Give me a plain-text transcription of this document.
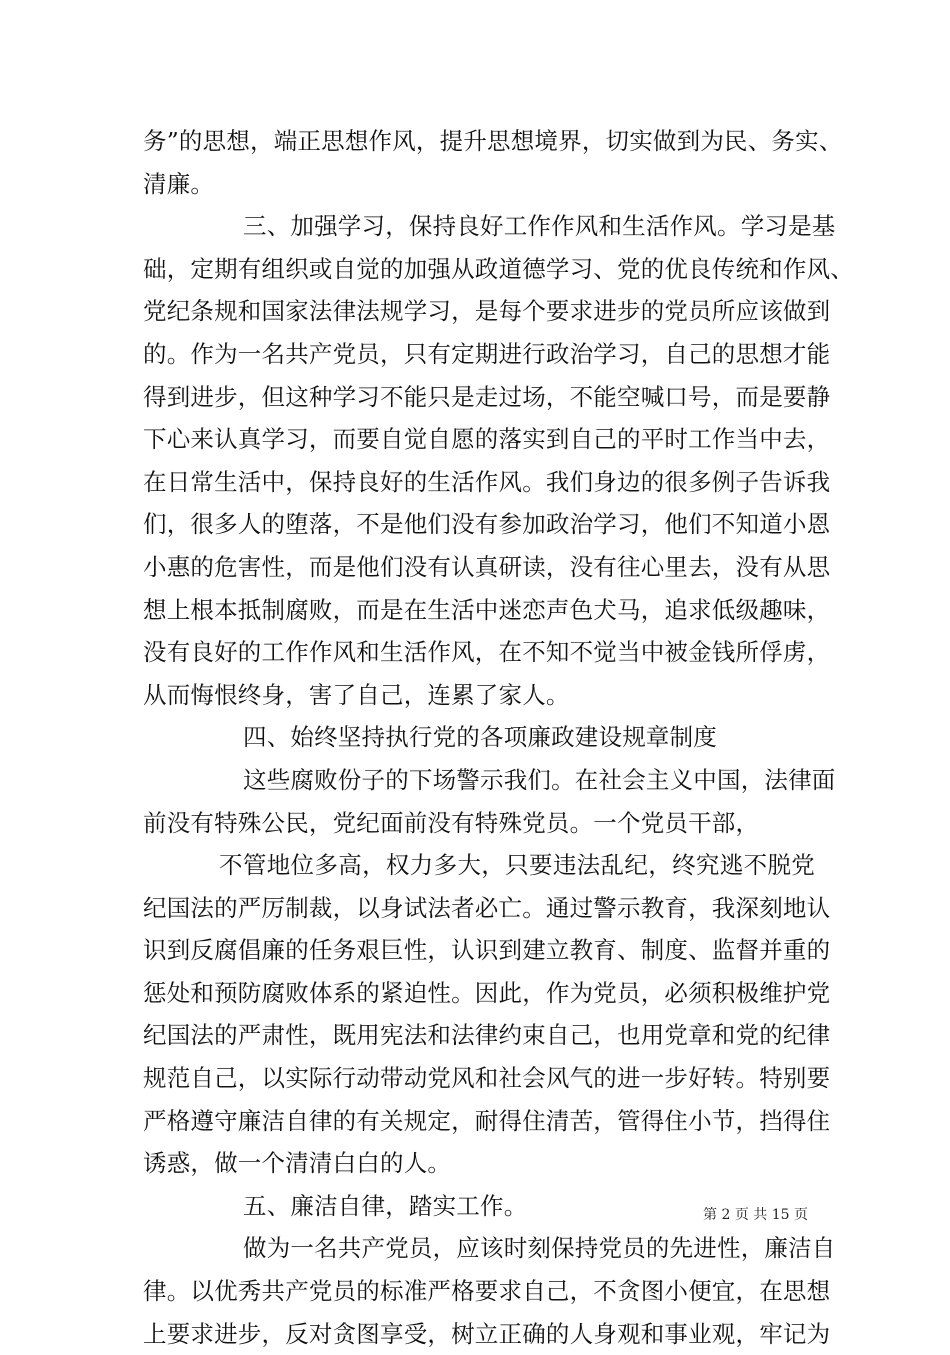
务”的思想，端正思想作风，提升思想境界，切实做到为民、务实、
清廉。
三、加强学习，保持良好工作作风和生活作风。学习是基
础，定期有组织或自觉的加强从政道德学习、党的优良传统和作风、
党纪条规和国家法律法规学习，是每个要求进步的党员所应该做到
的。作为一名共产党员，只有定期进行政治学习，自己的思想才能
得到进步，但这种学习不能只是走过场，不能空喊口号，而是要静
下心来认真学习，而要自觉自愿的落实到自己的平时工作当中去，
在日常生活中，保持良好的生活作风。我们身边的很多例子告诉我
们，很多人的堕落，不是他们没有参加政治学习，他们不知道小恩
小惠的危害性，而是他们没有认真研读，没有往心里去，没有从思
想上根本抵制腐败，而是在生活中迷恋声色犬马，追求低级趣味，
没有良好的工作作风和生活作风，在不知不觉当中被金钱所俘虏，
从而悔恨终身，害了自己，连累了家人。
四、始终坚持执行党的各项廉政建设规章制度
这些腐败份子的下场警示我们。在社会主义中国，法律面
前没有特殊公民，党纪面前没有特殊党员。一个党员干部，
不管地位多高，权力多大，只要违法乱纪，终究逃不脱党
纪国法的严厉制裁，以身试法者必亡。通过警示教育，我深刻地认
识到反腐倡廉的任务艰巨性，认识到建立教育、制度、监督并重的
惩处和预防腐败体系的紧迫性。因此，作为党员，必须积极维护党
纪国法的严肃性，既用宪法和法律约束自己，也用党章和党的纪律
规范自己，以实际行动带动党风和社会风气的进一步好转。特别要
严格遵守廉洁自律的有关规定，耐得住清苦，管得住小节，挡得住
诱惑，做一个清清白白的人。
五、廉洁自律，踏实工作。
做为一名共产党员，应该时刻保持党员的先进性，廉洁自
律。以优秀共产党员的标准严格要求自己，不贪图小便宜，在思想
上要求进步，反对贪图享受，树立正确的人身观和事业观，牢记为
第 2 页 共 15 页
